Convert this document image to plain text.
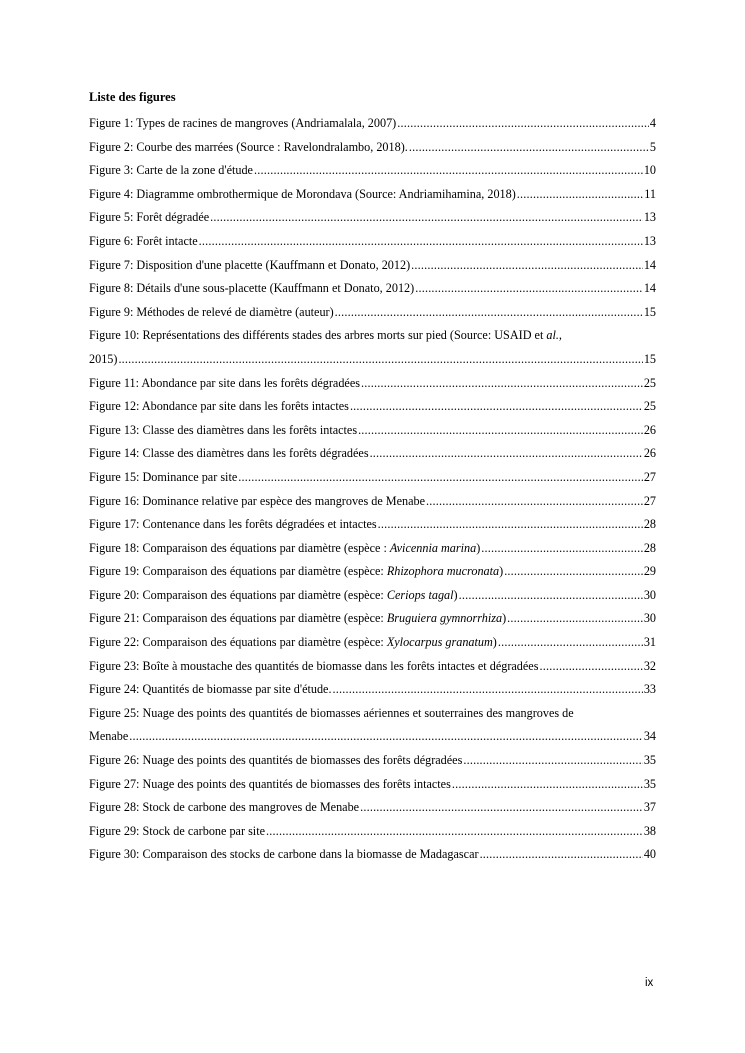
Liste des figures
Figure 1: Types de racines de mangroves (Andriamalala, 2007) .....	4
Figure 2: Courbe des marrées (Source : Ravelondralambo, 2018). .....	5
Figure 3: Carte de la zone d'étude .....	10
Figure 4: Diagramme ombrothermique de Morondava (Source: Andriamihamina, 2018) .....	11
Figure 5: Forêt dégradée .....	13
Figure 6: Forêt intacte .....	13
Figure 7: Disposition d'une placette (Kauffmann et Donato, 2012) .....	14
Figure 8: Détails d'une sous-placette (Kauffmann et Donato, 2012) .....	14
Figure 9: Méthodes de relevé de diamètre (auteur) .....	15
Figure 10: Représentations des différents stades des arbres morts sur pied (Source: USAID et al.,
2015) .....	15
Figure 11: Abondance par site dans les forêts dégradées .....	25
Figure 12: Abondance par site dans les forêts intactes .....	25
Figure 13: Classe des diamètres dans les forêts intactes .....	26
Figure 14: Classe des diamètres dans les forêts dégradées .....	26
Figure 15: Dominance par site .....	27
Figure 16: Dominance relative par espèce des mangroves de Menabe .....	27
Figure 17: Contenance dans les forêts dégradées et intactes .....	28
Figure 18: Comparaison des équations par diamètre (espèce : Avicennia marina) .....	28
Figure 19: Comparaison des équations par diamètre (espèce: Rhizophora mucronata) .....	29
Figure 20: Comparaison des équations par diamètre (espèce: Ceriops tagal) .....	30
Figure 21: Comparaison des équations par diamètre (espèce: Bruguiera gymnorrhiza) .....	30
Figure 22: Comparaison des équations par diamètre (espèce: Xylocarpus granatum) .....	31
Figure 23: Boîte à moustache des quantités de biomasse dans les forêts intactes et dégradées .....	32
Figure 24: Quantités de biomasse par site d'étude. .....	33
Figure 25: Nuage des points des quantités de biomasses aériennes et souterraines des mangroves de
Menabe .....	34
Figure 26: Nuage des points des quantités de biomasses des forêts dégradées .....	35
Figure 27: Nuage des points des quantités de biomasses des forêts intactes .....	35
Figure 28: Stock de carbone des mangroves de Menabe .....	37
Figure 29: Stock de carbone par site .....	38
Figure 30: Comparaison des stocks de carbone dans la biomasse de Madagascar .....	40
ix
